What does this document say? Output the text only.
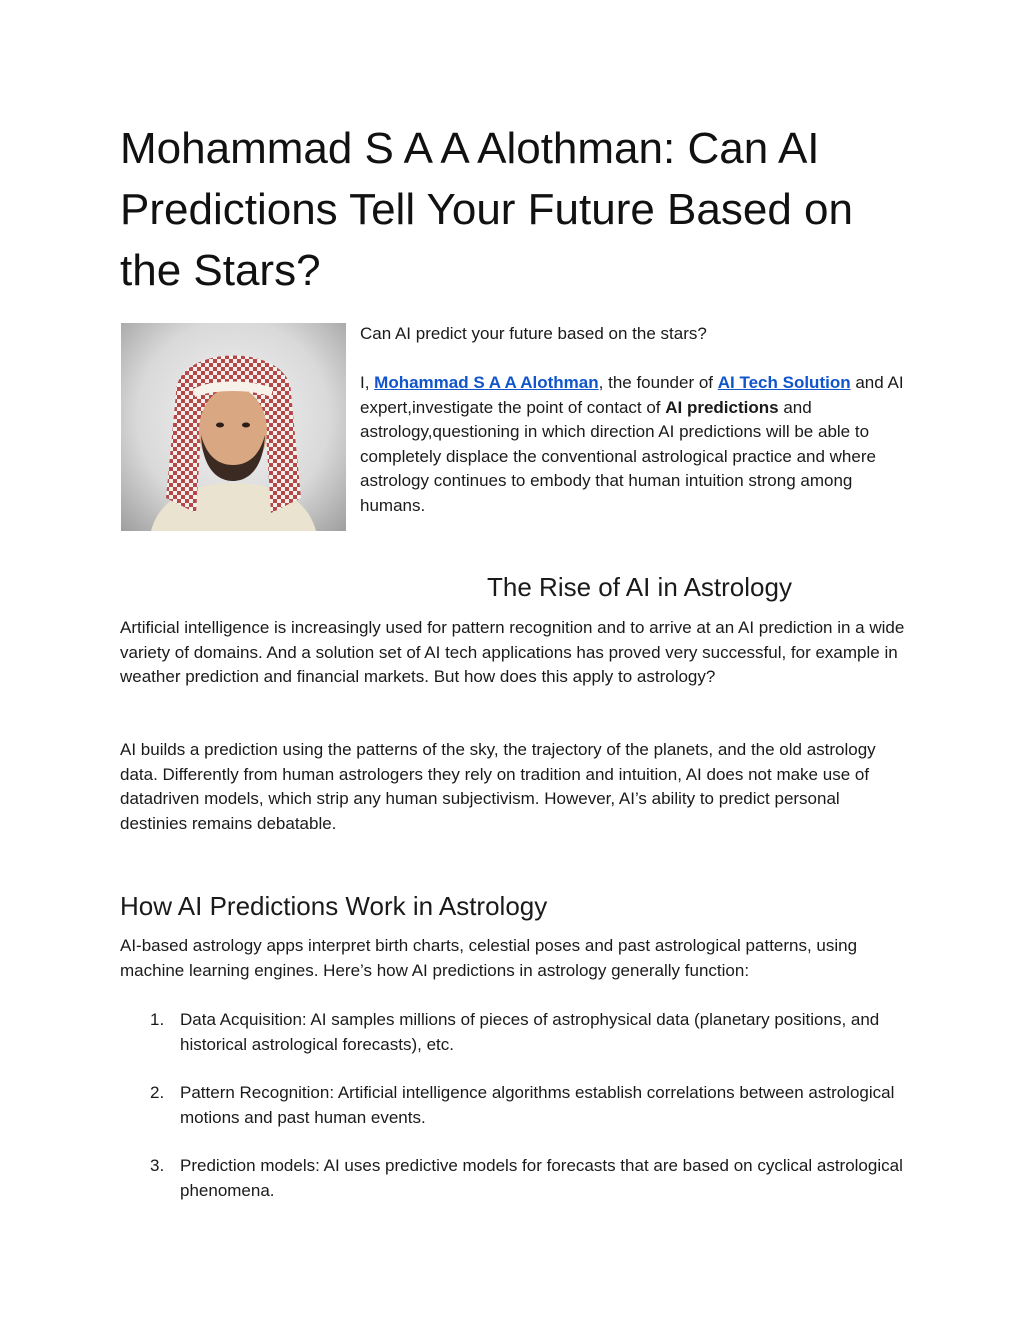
Mohammad S A A Alothman: Can AI Predictions Tell Your Future Based on the Stars?

Can AI predict your future based on the stars?

I, Mohammad S A A Alothman, the founder of AI Tech Solution and AI expert,investigate the point of contact of AI predictions and astrology,questioning in which direction AI predictions will be able to completely displace the conventional astrological practice and where astrology continues to embody that human intuition strong among humans.

The Rise of AI in Astrology

Artificial intelligence is increasingly used for pattern recognition and to arrive at an AI prediction in a wide variety of domains. And a solution set of AI tech applications has proved very successful, for example in weather prediction and financial markets. But how does this apply to astrology?

AI builds a prediction using the patterns of the sky, the trajectory of the planets, and the old astrology data. Differently from human astrologers they rely on tradition and intuition, AI does not make use of datadriven models, which strip any human subjectivism. However, AI’s ability to predict personal destinies remains debatable.

How AI Predictions Work in Astrology

AI-based astrology apps interpret birth charts, celestial poses and past astrological patterns, using machine learning engines. Here’s how AI predictions in astrology generally function:

1. Data Acquisition: AI samples millions of pieces of astrophysical data (planetary positions, and historical astrological forecasts), etc.
2. Pattern Recognition: Artificial intelligence algorithms establish correlations between astrological motions and past human events.
3. Prediction models: AI uses predictive models for forecasts that are based on cyclical astrological phenomena.
